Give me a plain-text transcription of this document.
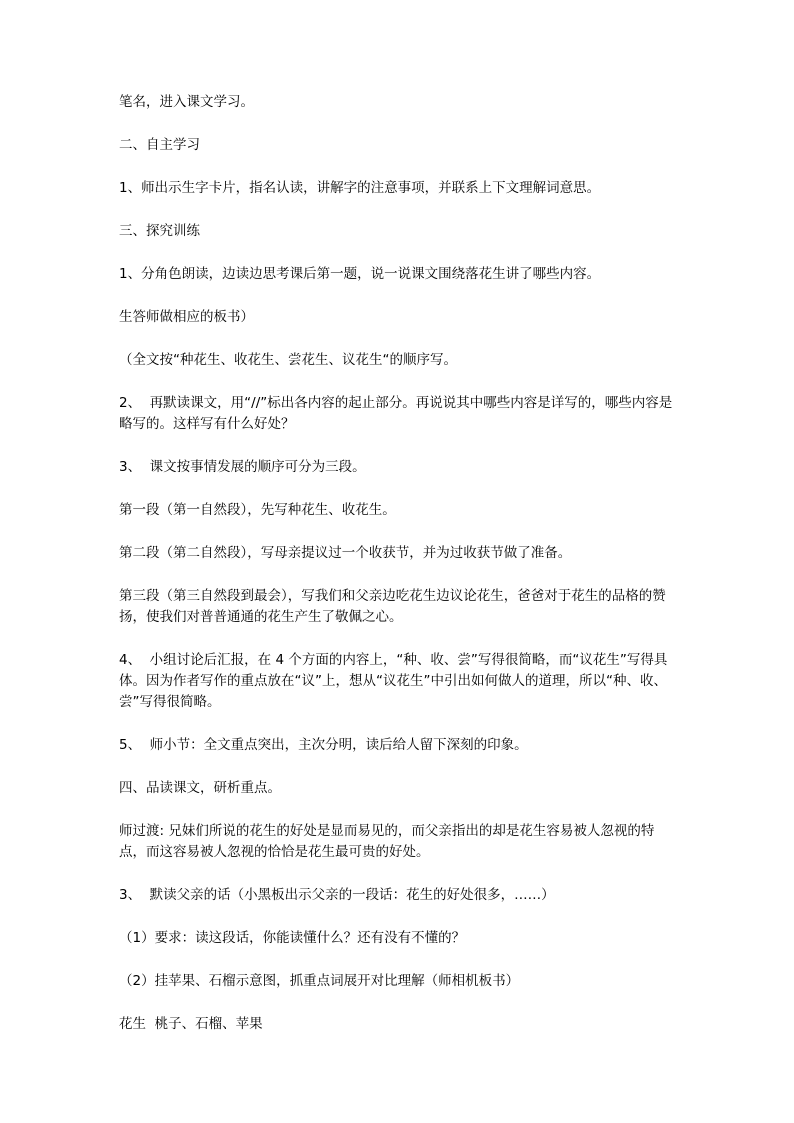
笔名，进入课文学习。

二、自主学习

1、师出示生字卡片，指名认读，讲解字的注意事项，并联系上下文理解词意思。

三、探究训练

1、分角色朗读，边读边思考课后第一题，说一说课文围绕落花生讲了哪些内容。

生答师做相应的板书）

（全文按“种花生、收花生、尝花生、议花生“的顺序写。

2、  再默读课文，用“//”标出各内容的起止部分。再说说其中哪些内容是详写的，哪些内容是略写的。这样写有什么好处？

3、  课文按事情发展的顺序可分为三段。

第一段（第一自然段），先写种花生、收花生。

第二段（第二自然段），写母亲提议过一个收获节，并为过收获节做了准备。

第三段（第三自然段到最会），写我们和父亲边吃花生边议论花生，爸爸对于花生的品格的赞扬，使我们对普普通通的花生产生了敬佩之心。

4、  小组讨论后汇报，在 4 个方面的内容上，“种、收、尝”写得很简略，而“议花生”写得具体。因为作者写作的重点放在“议”上，想从“议花生”中引出如何做人的道理，所以“种、收、尝”写得很简略。

5、  师小节：全文重点突出，主次分明，读后给人留下深刻的印象。

四、品读课文，研析重点。

师过渡: 兄妹们所说的花生的好处是显而易见的，而父亲指出的却是花生容易被人忽视的特点，而这容易被人忽视的恰恰是花生最可贵的好处。

3、  默读父亲的话（小黑板出示父亲的一段话：花生的好处很多，……）

（1）要求：读这段话，你能读懂什么？还有没有不懂的？

（2）挂苹果、石榴示意图，抓重点词展开对比理解（师相机板书）

花生  桃子、石榴、苹果
